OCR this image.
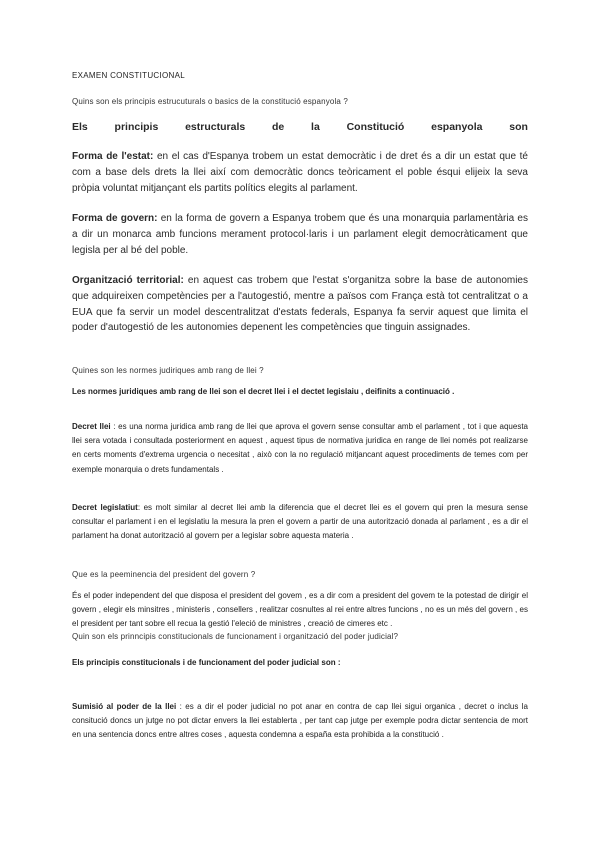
EXAMEN CONSTITUCIONAL
Quins son els principis estrucuturals o basics de la constitució espanyola ?
Els	principis	estructurals	de	la	Constitució	espanyola	son

Forma de l'estat: en el cas d'Espanya trobem un estat democràtic i de dret és a dir un estat que té com a base dels drets la llei així com democràtic doncs teòricament el poble ésqui elijeix la seva pròpia voluntat mitjançant els partits polítics elegits al parlament.

Forma de govern: en la forma de govern a Espanya trobem que és una monarquia parlamentària es a dir un monarca amb funcions merament protocol·laris i un parlament elegit democràticament que legisla per al bé del poble.

Organització territorial: en aquest cas trobem que l'estat s'organitza sobre la base de autonomies que adquireixen competències per a l'autogestió, mentre a països com França està tot centralitzat o a EUA que fa servir un model descentralitzat d'estats federals, Espanya fa servir aquest que limita el poder d'autogestió de les autonomies depenent les competències que tinguin assignades.

Quines son les normes judiriques amb rang de llei ?

Les normes juridiques amb rang de llei son el decret llei i el dectet legislaiu , deifinits a continuació .

Decret llei : es una norma juridica amb rang de llei que aprova el govern sense consultar amb el parlament , tot i que aquesta llei sera votada i consultada posteriorment en aquest , aquest tipus de normativa juridica en range de llei només pot realizarse en certs moments d'extrema urgencia o necesitat , això con la no regulació mitjancant aquest procediments de temes com per exemple monarquia o drets fundamentals .

Decret legislatiut: es molt similar al decret llei amb la diferencia que el decret llei es el govern qui pren la mesura sense consultar el parlament i en el legislatiu la mesura la pren el govern a partir de una autorització donada al parlament , es a dir el parlament ha donat autorització al govern per a legislar sobre aquesta materia .

Que es la peeminencia del president del govern ?

És el poder independent del que disposa el president del govem , es a dir com a president del govem te la potestad de dirigir el govern , elegir els minsitres , ministeris , consellers , realitzar cosnultes al rei entre altres funcions , no es un més del govern , es el president per tant sobre ell recua la gestió l'eleció de ministres , creació de cimeres etc .

Quin son els prinncipis constitucionals de funcionament i organització del poder judicial?

Els principis constitucionals i de funcionament del poder judicial son :

Sumisió al poder de la llei : es a dir el poder judicial no pot anar en contra de cap llei sigui organica , decret o inclus la consitució doncs un jutge no pot dictar envers la llei establerta , per tant cap jutge per exemple podra dictar sentencia de mort en una sentencia doncs entre altres coses , aquesta condemna a españa esta prohibida a la constitució .
